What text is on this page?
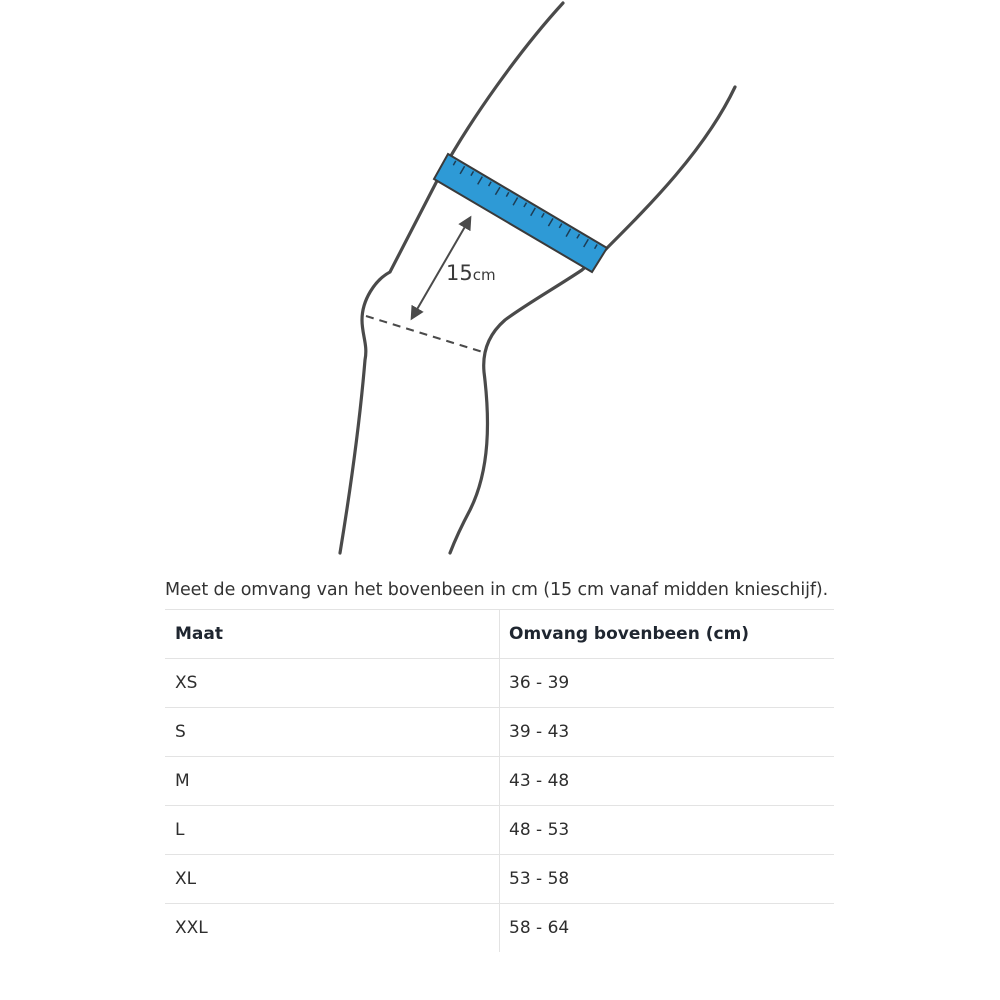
15cm
Meet de omvang van het bovenbeen in cm (15 cm vanaf midden knieschijf).
Maat	Omvang bovenbeen (cm)
XS	36 - 39
S	39 - 43
M	43 - 48
L	48 - 53
XL	53 - 58
XXL	58 - 64
